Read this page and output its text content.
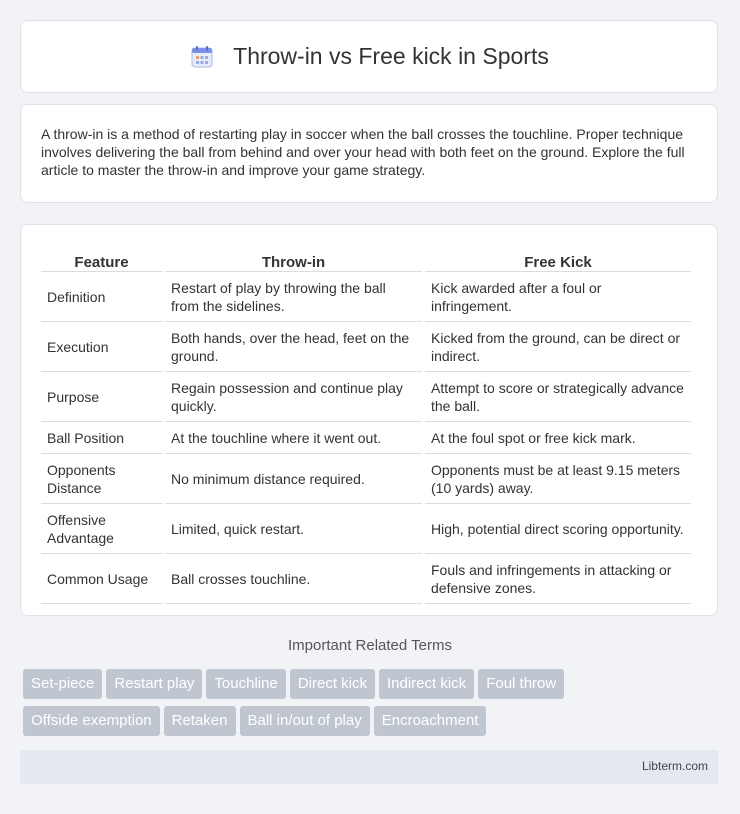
Throw-in vs Free kick in Sports

A throw-in is a method of restarting play in soccer when the ball crosses the touchline. Proper technique involves delivering the ball from behind and over your head with both feet on the ground. Explore the full article to master the throw-in and improve your game strategy.

Feature	Throw-in	Free Kick
Definition	Restart of play by throwing the ball from the sidelines.	Kick awarded after a foul or infringement.
Execution	Both hands, over the head, feet on the ground.	Kicked from the ground, can be direct or indirect.
Purpose	Regain possession and continue play quickly.	Attempt to score or strategically advance the ball.
Ball Position	At the touchline where it went out.	At the foul spot or free kick mark.
Opponents Distance	No minimum distance required.	Opponents must be at least 9.15 meters (10 yards) away.
Offensive Advantage	Limited, quick restart.	High, potential direct scoring opportunity.
Common Usage	Ball crosses touchline.	Fouls and infringements in attacking or defensive zones.
Important Related Terms
Set-piece Restart play Touchline Direct kick Indirect kick Foul throw
Offside exemption Retaken Ball in/out of play Encroachment
Libterm.com
